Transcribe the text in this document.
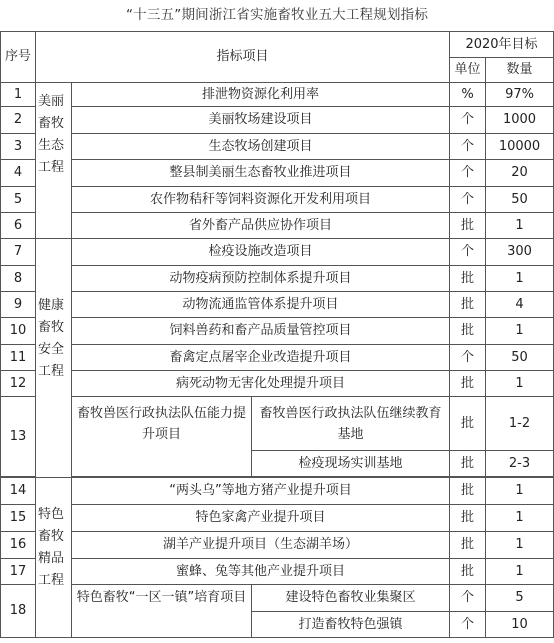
“十三五”期间浙江省实施畜牧业五大工程规划指标
序号	指标项目			2020年目标	
				单位	数量
1	美丽畜牧生态工程	排泄物资源化利用率		%	97%
2		美丽牧场建设项目		个	1000
3		生态牧场创建项目		个	10000
4		整县制美丽生态畜牧业推进项目		个	20
5		农作物秸秆等饲料资源化开发利用项目		个	50
6		省外畜产品供应协作项目		批	1
7	健康畜牧安全工程	检疫设施改造项目		个	300
8		动物疫病预防控制体系提升项目		批	1
9		动物流通监管体系提升项目		批	4
10		饲料兽药和畜产品质量管控项目		批	1
11		畜禽定点屠宰企业改造提升项目		个	50
12		病死动物无害化处理提升项目		批	1
13		畜牧兽医行政执法队伍能力提升项目	畜牧兽医行政执法队伍继续教育基地	批	1-2
			检疫现场实训基地	批	2-3

14	特色畜牧精品工程	“两头乌”等地方猪产业提升项目		批	1
15		特色家禽产业提升项目		批	1
16		湖羊产业提升项目（生态湖羊场）		批	1
17		蜜蜂、兔等其他产业提升项目		批	1
18		特色畜牧“一区一镇”培育项目	建设特色畜牧业集聚区	个	5
			打造畜牧特色强镇	个	10
